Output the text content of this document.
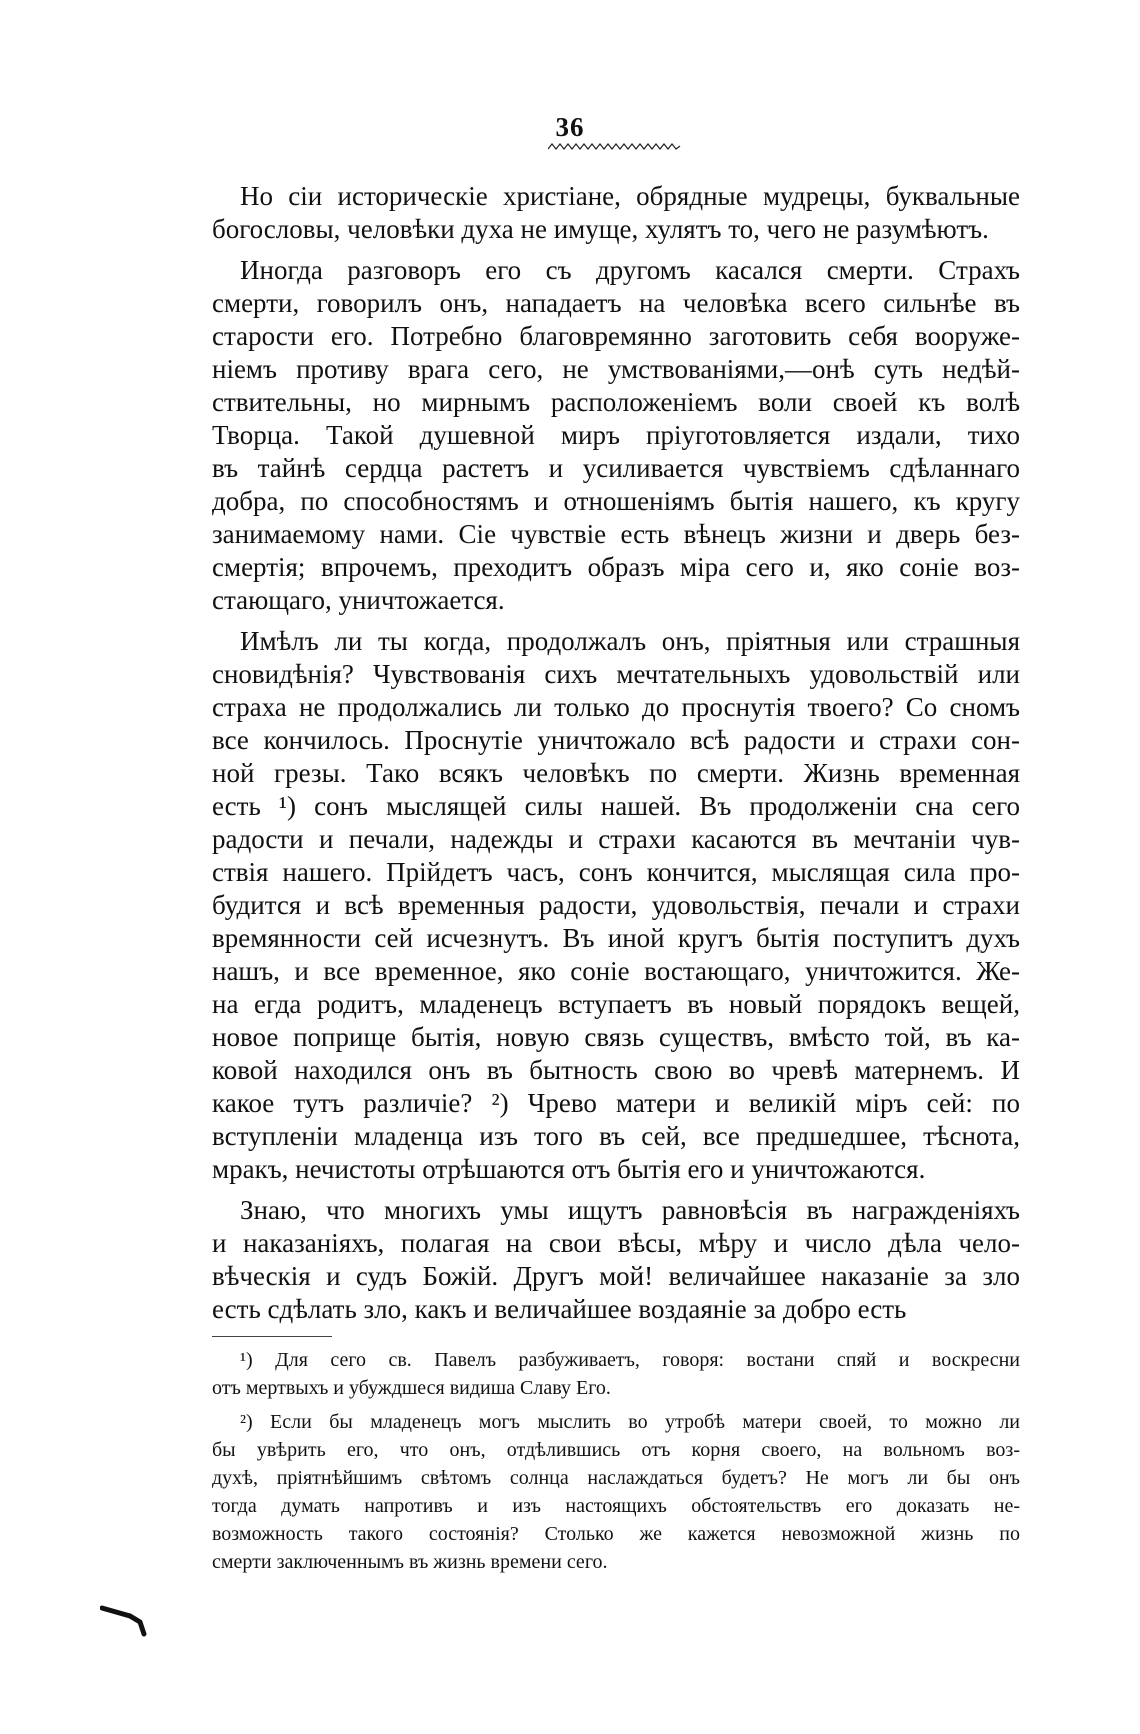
36
Но сіи историческіе христіане, обрядные мудрецы, буквальные
богословы, человѣки духа не имуще, хулятъ то, чего не разумѣютъ.
Иногда разговоръ его съ другомъ касался смерти. Страхъ
смерти, говорилъ онъ, нападаетъ на человѣка всего сильнѣе въ
старости его. Потребно благовремянно заготовить себя вооруже-
ніемъ противу врага сего, не умствованіями,—онѣ суть недѣй-
ствительны, но мирнымъ расположеніемъ воли своей къ волѣ
Творца. Такой душевной миръ пріуготовляется издали, тихо
въ тайнѣ сердца растетъ и усиливается чувствіемъ сдѣланнаго
добра, по способностямъ и отношеніямъ бытія нашего, къ кругу
занимаемому нами. Сіе чувствіе есть вѣнецъ жизни и дверь без-
смертія; впрочемъ, преходитъ образъ міра сего и, яко соніе воз-
стающаго, уничтожается.
Имѣлъ ли ты когда, продолжалъ онъ, пріятныя или страшныя
сновидѣнія? Чувствованія сихъ мечтательныхъ удовольствій или
страха не продолжались ли только до проснутія твоего? Со сномъ
все кончилось. Проснутіе уничтожало всѣ радости и страхи сон-
ной грезы. Тако всякъ человѣкъ по смерти. Жизнь временная
есть ¹) сонъ мыслящей силы нашей. Въ продолженіи сна сего
радости и печали, надежды и страхи касаются въ мечтаніи чув-
ствія нашего. Прійдетъ часъ, сонъ кончится, мыслящая сила про-
будится и всѣ временныя радости, удовольствія, печали и страхи
времянности сей исчезнутъ. Въ иной кругъ бытія поступитъ духъ
нашъ, и все временное, яко соніе востающаго, уничтожится. Же-
на егда родитъ, младенецъ вступаетъ въ новый порядокъ вещей,
новое поприще бытія, новую связь существъ, вмѣсто той, въ ка-
ковой находился онъ въ бытность свою во чревѣ матернемъ. И
какое тутъ различіе? ²) Чрево матери и великій міръ сей: по
вступленіи младенца изъ того въ сей, все предшедшее, тѣснота,
мракъ, нечистоты отрѣшаются отъ бытія его и уничтожаются.
Знаю, что многихъ умы ищутъ равновѣсія въ награжденіяхъ
и наказаніяхъ, полагая на свои вѣсы, мѣру и число дѣла чело-
вѣческія и судъ Божій. Другъ мой! величайшее наказаніе за зло
есть сдѣлать зло, какъ и величайшее воздаяніе за добро есть
¹) Для сего св. Павелъ разбуживаетъ, говоря: востани спяй и воскресни
отъ мертвыхъ и убуждшеся видиша Славу Его.
²) Если бы младенецъ могъ мыслить во утробѣ матери своей, то можно ли
бы увѣрить его, что онъ, отдѣлившись отъ корня своего, на вольномъ воз-
духѣ, пріятнѣйшимъ свѣтомъ солнца наслаждаться будетъ? Не могъ ли бы онъ
тогда думать напротивъ и изъ настоящихъ обстоятельствъ его доказать не-
возможность такого состоянія? Столько же кажется невозможной жизнь по
смерти заключеннымъ въ жизнь времени сего.
